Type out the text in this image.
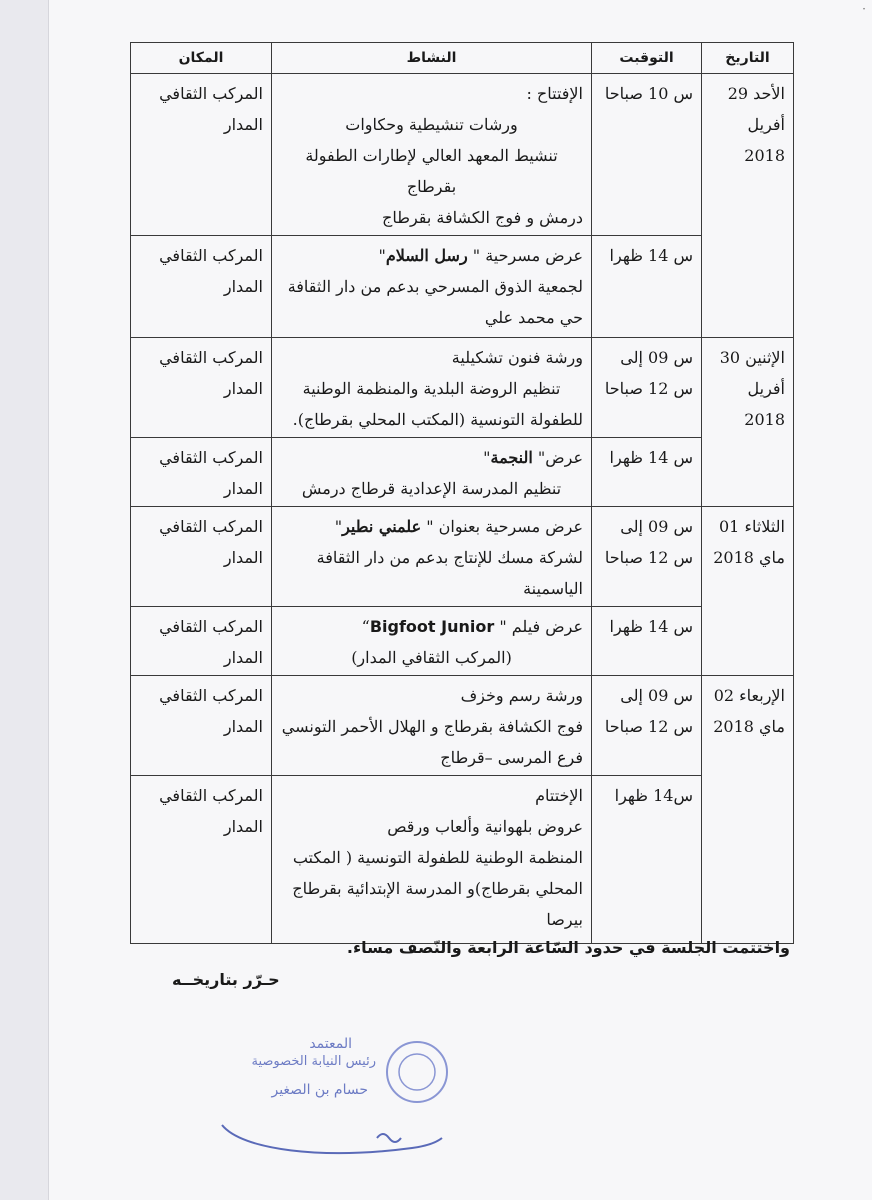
·
التاريخ	التوقبت	النشاط	المكان
الأحد 29 أفريل 2018	س 10 صباحا	الإفتتاح :
ورشات تنشيطية وحكاوات
تنشيط المعهد العالي لإطارات الطفولة بقرطاج
درمش و فوج الكشافة بقرطاج	المركب الثقافي المدار
	س 14 ظهرا	عرض مسرحية " رسل السلام"
لجمعية الذوق المسرحي بدعم من دار الثقافة
حي محمد علي	المركب الثقافي المدار
الإثنين 30 أفريل 2018	س 09 إلى س 12 صباحا	ورشة فنون تشكيلية
تنظيم الروضة البلدية والمنظمة الوطنية
للطفولة التونسية (المكتب المحلي بقرطاج).	المركب الثقافي المدار
	س 14 ظهرا	عرض" النجمة"
تنظيم المدرسة الإعدادية قرطاج درمش	المركب الثقافي المدار
الثلاثاء 01 ماي 2018	س 09 إلى س 12 صباحا	عرض مسرحية بعنوان " علمني نطير"
لشركة مسك للإنتاج بدعم من دار الثقافة
الياسمينة	المركب الثقافي المدار
	س 14 ظهرا	عرض فيلم " Bigfoot Junior“
(المركب الثقافي المدار)	المركب الثقافي المدار
الإربعاء 02 ماي 2018	س 09 إلى س 12 صباحا	ورشة رسم وخزف
فوج الكشافة بقرطاج و الهلال الأحمر التونسي
فرع المرسى –قرطاج	المركب الثقافي المدار
	س14 ظهرا	الإختتام
عروض بلهوانية وألعاب ورقص
المنظمة الوطنية للطفولة التونسية ( المكتب
المحلي بقرطاج)و المدرسة الإبتدائية بقرطاج
بيرصا	المركب الثقافي المدار
واختتمت الجلسة في حدود السّاعة الرابعة والنّصف مساء.
حـرّر بتاريخــه
المعتمد
رئيس النيابة الخصوصية
حسام بن الصغير
